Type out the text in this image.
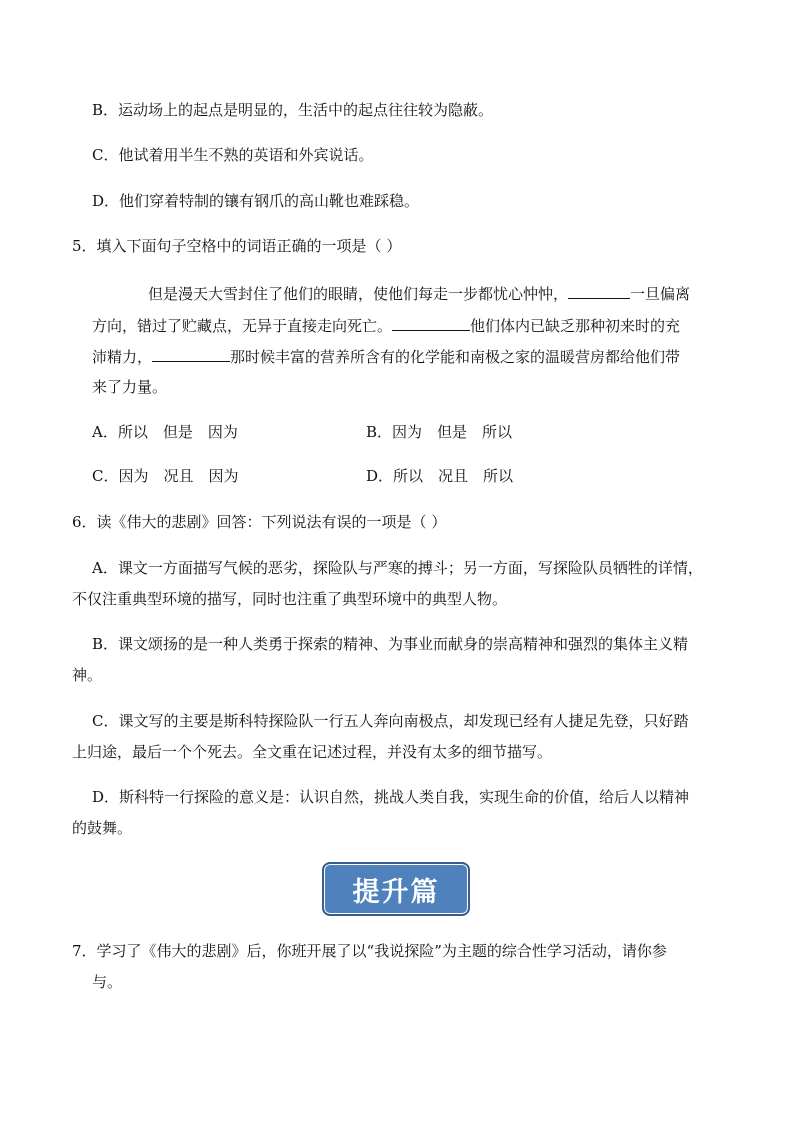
B．运动场上的起点是明显的，生活中的起点往往较为隐蔽。
C．他试着用半生不熟的英语和外宾说话。
D．他们穿着特制的镶有钢爪的高山靴也难踩稳。
5．填入下面句子空格中的词语正确的一项是（ ）
但是漫天大雪封住了他们的眼睛，使他们每走一步都忧心忡忡，	一旦偏离
方向，错过了贮藏点，无异于直接走向死亡。	他们体内已缺乏那种初来时的充
沛精力，	那时候丰富的营养所含有的化学能和南极之家的温暖营房都给他们带
来了力量。
A．所以　但是　因为	B．因为　但是　所以
C．因为　况且　因为	D．所以　况且　所以
6．读《伟大的悲剧》回答：下列说法有误的一项是（ ）
A．课文一方面描写气候的恶劣，探险队与严寒的搏斗；另一方面，写探险队员牺牲的详情，
不仅注重典型环境的描写，同时也注重了典型环境中的典型人物。
B．课文颂扬的是一种人类勇于探索的精神、为事业而献身的崇高精神和强烈的集体主义精
神。
C．课文写的主要是斯科特探险队一行五人奔向南极点，却发现已经有人捷足先登，只好踏
上归途，最后一个个死去。全文重在记述过程，并没有太多的细节描写。
D．斯科特一行探险的意义是：认识自然，挑战人类自我，实现生命的价值，给后人以精神
的鼓舞。
提升篇
7．学习了《伟大的悲剧》后，你班开展了以“我说探险”为主题的综合性学习活动，请你参
与。
